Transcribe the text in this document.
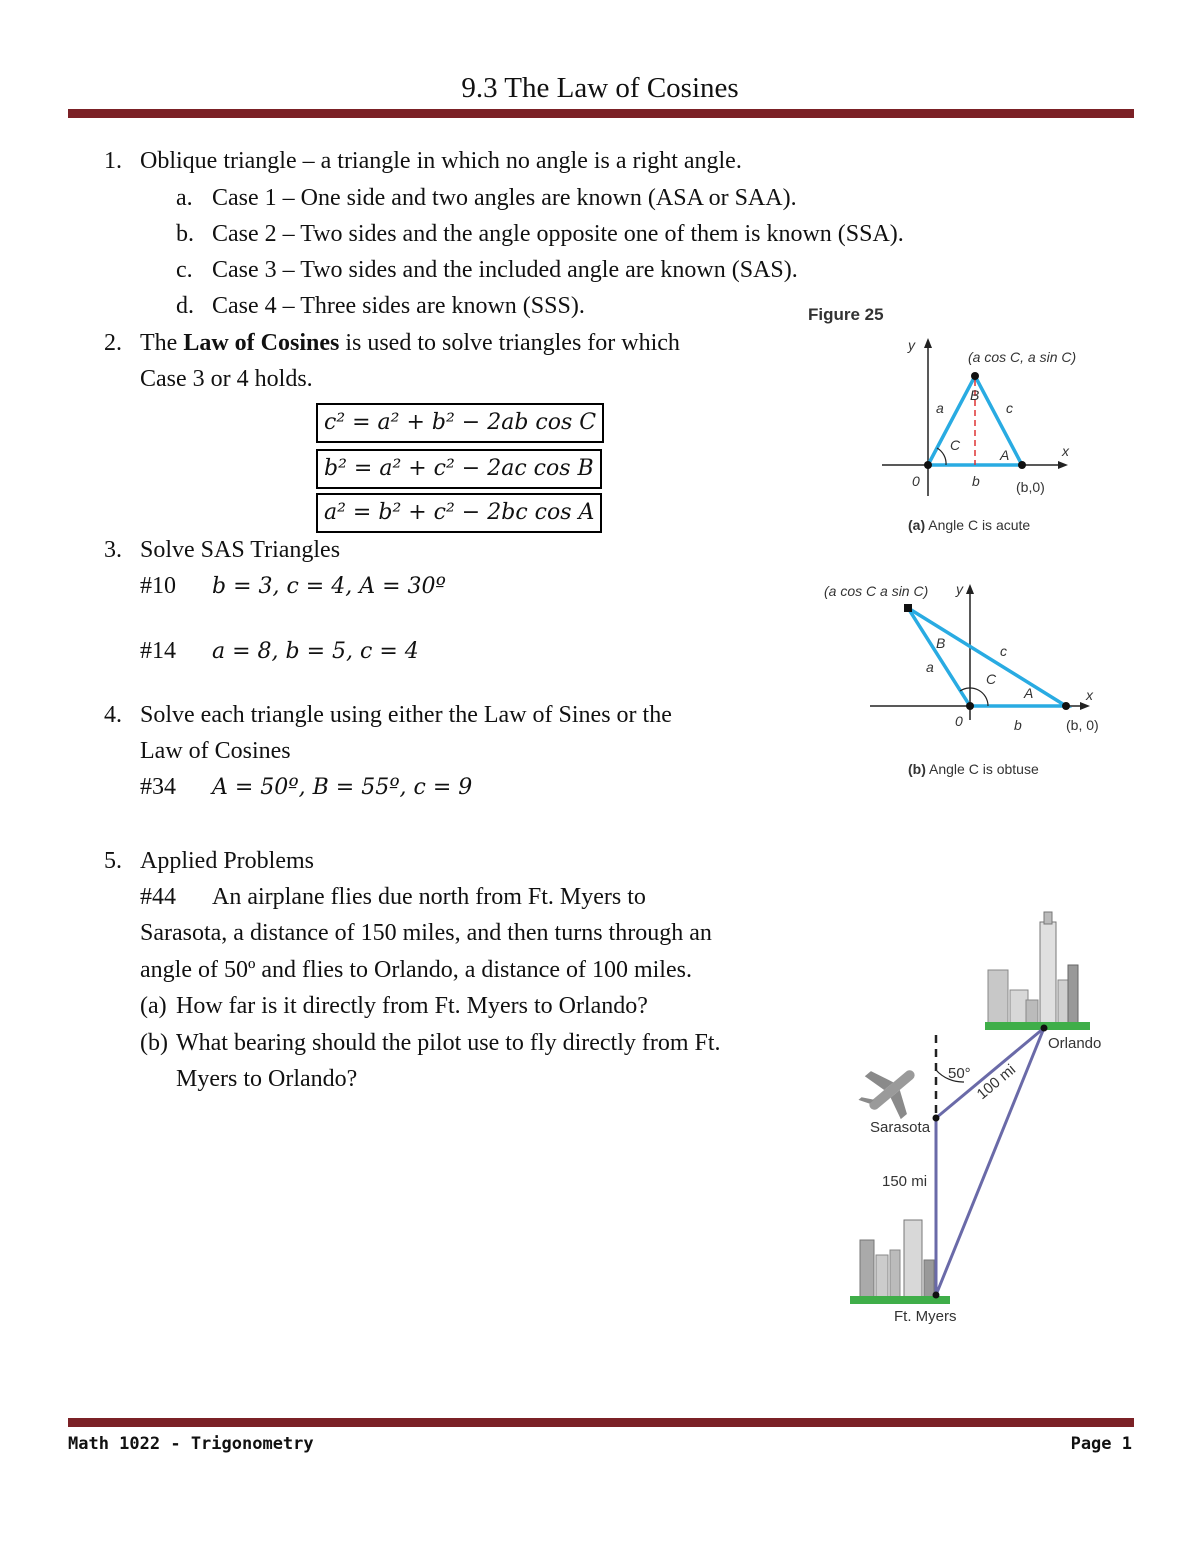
9.3 The Law of Cosines
1. Oblique triangle – a triangle in which no angle is a right angle.
a. Case 1 – One side and two angles are known (ASA or SAA).
b. Case 2 – Two sides and the angle opposite one of them is known (SSA).
c. Case 3 – Two sides and the included angle are known (SAS).
d. Case 4 – Three sides are known (SSS).
2. The Law of Cosines is used to solve triangles for which
Case 3 or 4 holds.
c² = a² + b² − 2ab cos C
b² = a² + c² − 2ac cos B
a² = b² + c² − 2bc cos A
3. Solve SAS Triangles
#10 b = 3, c = 4, A = 30º
#14 a = 8, b = 5, c = 4
4. Solve each triangle using either the Law of Sines or the
Law of Cosines
#34 A = 50º, B = 55º, c = 9
5. Applied Problems
#44 An airplane flies due north from Ft. Myers to
Sarasota, a distance of 150 miles, and then turns through an
angle of 50º and flies to Orlando, a distance of 100 miles.
(a) How far is it directly from Ft. Myers to Orlando?
(b) What bearing should the pilot use to fly directly from Ft.
Myers to Orlando?
Figure 25
y
x
0
(a cos C, a sin C)
B
a	c
C
A
b	(b,0)
(a) Angle C is acute
y
x
0
(a cos C a sin C)
B
a
c
C
A
b	(b, 0)
(b) Angle C is obtuse
50° 100 mi
Sarasota
Orlando
150 mi
Ft. Myers
Math 1022 - Trigonometry	Page 1
